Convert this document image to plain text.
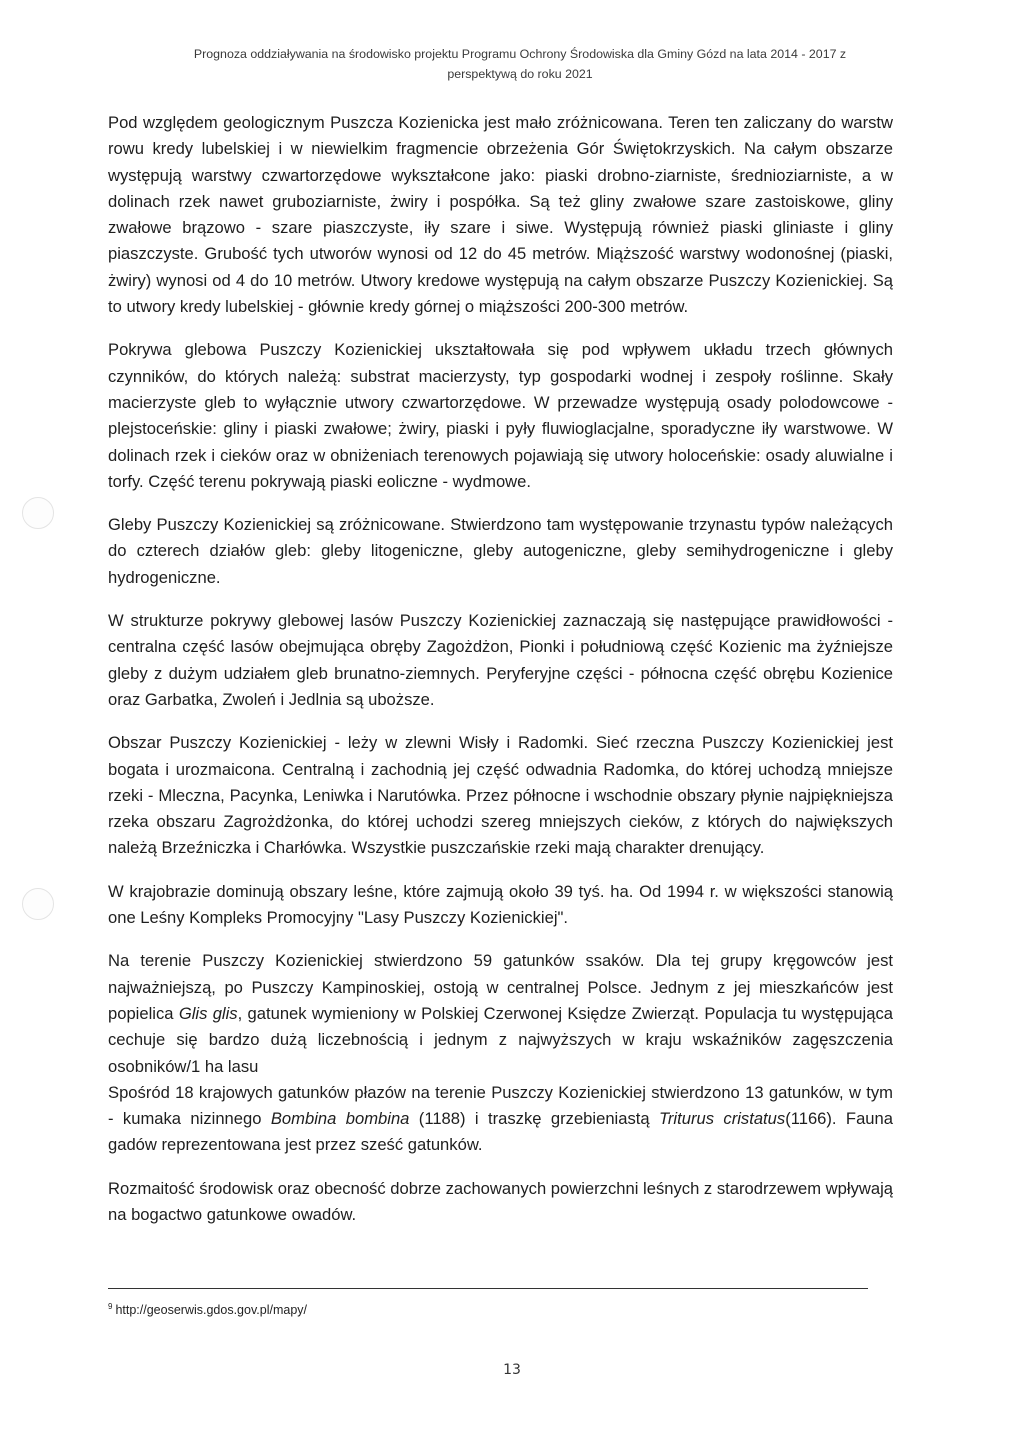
Prognoza oddziaływania na środowisko projektu Programu Ochrony Środowiska dla Gminy Gózd na lata 2014 - 2017 z
perspektywą do roku 2021

Pod względem geologicznym Puszcza Kozienicka jest mało zróżnicowana. Teren ten zaliczany do warstw rowu kredy lubelskiej i w niewielkim fragmencie obrzeżenia Gór Świętokrzyskich. Na całym obszarze występują warstwy czwartorzędowe wykształcone jako: piaski drobno-ziarniste, średnioziarniste, a w dolinach rzek nawet gruboziarniste, żwiry i pospółka. Są też gliny zwałowe szare zastoiskowe, gliny zwałowe brązowo - szare piaszczyste, iły szare i siwe. Występują również piaski gliniaste i gliny piaszczyste. Grubość tych utworów wynosi od 12 do 45 metrów. Miąższość warstwy wodonośnej (piaski, żwiry) wynosi od 4 do 10 metrów. Utwory kredowe występują na całym obszarze Puszczy Kozienickiej. Są to utwory kredy lubelskiej - głównie kredy górnej o miąższości 200-300 metrów.

Pokrywa glebowa Puszczy Kozienickiej ukształtowała się pod wpływem układu trzech głównych czynników, do których należą: substrat macierzysty, typ gospodarki wodnej i zespoły roślinne. Skały macierzyste gleb to wyłącznie utwory czwartorzędowe. W przewadze występują osady polodowcowe - plejstoceńskie: gliny i piaski zwałowe; żwiry, piaski i pyły fluwioglacjalne, sporadyczne iły warstwowe. W dolinach rzek i cieków oraz w obniżeniach terenowych pojawiają się utwory holoceńskie: osady aluwialne i torfy. Część terenu pokrywają piaski eoliczne - wydmowe.

Gleby Puszczy Kozienickiej są zróżnicowane. Stwierdzono tam występowanie trzynastu typów należących do czterech działów gleb: gleby litogeniczne, gleby autogeniczne, gleby semihydrogeniczne i gleby hydrogeniczne.

W strukturze pokrywy glebowej lasów Puszczy Kozienickiej zaznaczają się następujące prawidłowości - centralna część lasów obejmująca obręby Zagożdżon, Pionki i południową część Kozienic ma żyźniejsze gleby z dużym udziałem gleb brunatno-ziemnych. Peryferyjne części - północna część obrębu Kozienice oraz Garbatka, Zwoleń i Jedlnia są uboższe.

Obszar Puszczy Kozienickiej - leży w zlewni Wisły i Radomki. Sieć rzeczna Puszczy Kozienickiej jest bogata i urozmaicona. Centralną i zachodnią jej część odwadnia Radomka, do której uchodzą mniejsze rzeki - Mleczna, Pacynka, Leniwka i Narutówka. Przez północne i wschodnie obszary płynie najpiękniejsza rzeka obszaru Zagrożdżonka, do której uchodzi szereg mniejszych cieków, z których do największych należą Brzeźniczka i Charłówka. Wszystkie puszczańskie rzeki mają charakter drenujący.

W krajobrazie dominują obszary leśne, które zajmują około 39 tyś. ha. Od 1994 r. w większości stanowią one Leśny Kompleks Promocyjny "Lasy Puszczy Kozienickiej".

Na terenie Puszczy Kozienickiej stwierdzono 59 gatunków ssaków. Dla tej grupy kręgowców jest najważniejszą, po Puszczy Kampinoskiej, ostoją w centralnej Polsce. Jednym z jej mieszkańców jest popielica Glis glis, gatunek wymieniony w Polskiej Czerwonej Księdze Zwierząt. Populacja tu występująca cechuje się bardzo dużą liczebnością i jednym z najwyższych w kraju wskaźników zagęszczenia osobników/1 ha lasu

Spośród 18 krajowych gatunków płazów na terenie Puszczy Kozienickiej stwierdzono 13 gatunków, w tym - kumaka nizinnego Bombina bombina (1188) i traszkę grzebieniastą Triturus cristatus(1166). Fauna gadów reprezentowana jest przez sześć gatunków.

Rozmaitość środowisk oraz obecność dobrze zachowanych powierzchni leśnych z starodrzewem wpływają na bogactwo gatunkowe owadów.

$^9$ http://geoserwis.gdos.gov.pl/mapy/
13
